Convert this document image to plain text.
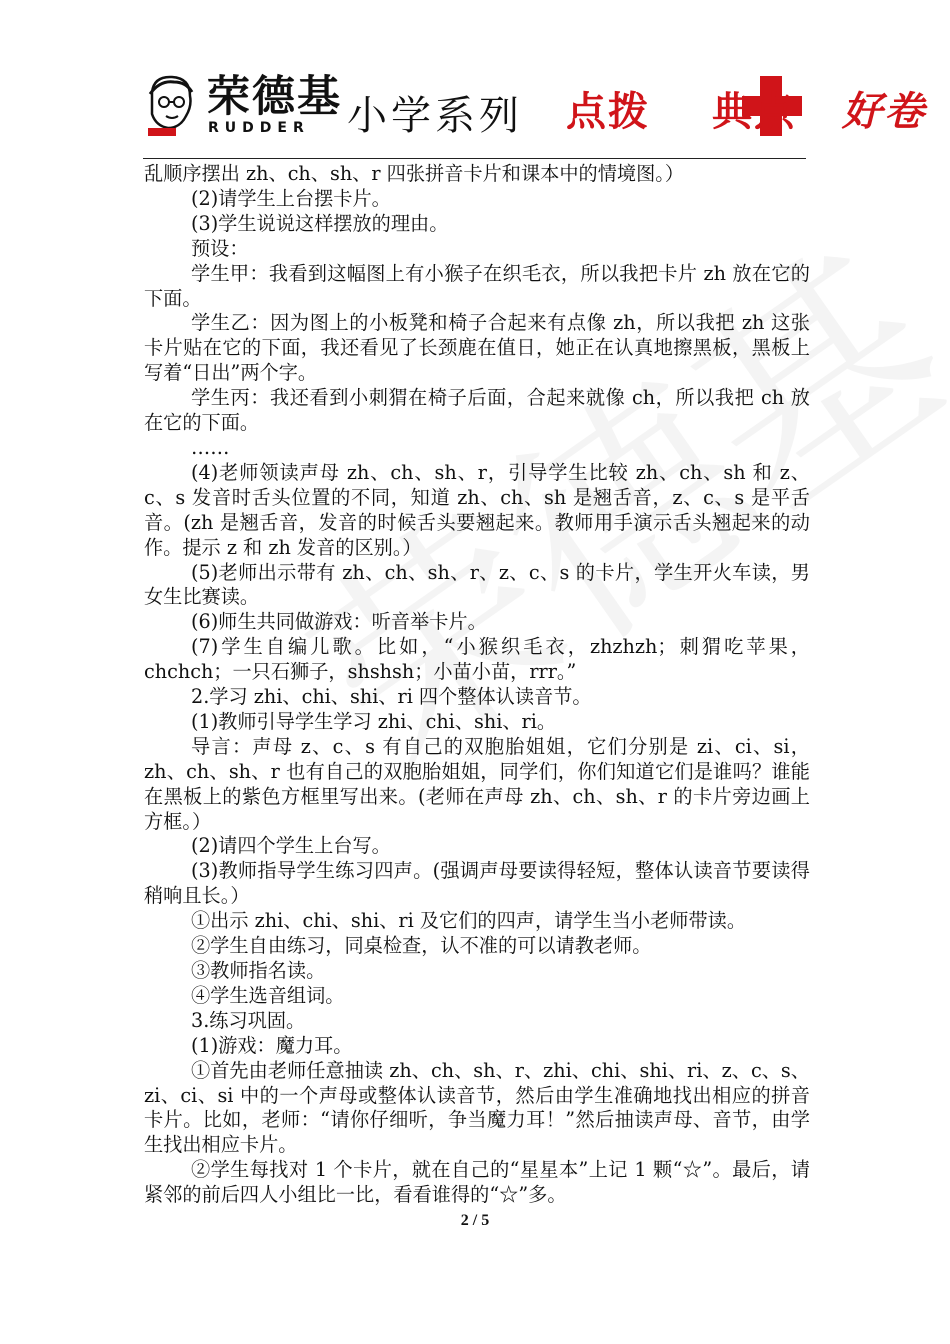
荣德基
RUDDER 小学系列 点拨 典点 好卷

乱顺序摆出 zh、ch、sh、r 四张拼音卡片和课本中的情境图。）

(2)请学生上台摆卡片。

(3)学生说说这样摆放的理由。

预设：

学生甲：我看到这幅图上有小猴子在织毛衣，所以我把卡片 zh 放在它的下面。

学生乙：因为图上的小板凳和椅子合起来有点像 zh，所以我把 zh 这张卡片贴在它的下面，我还看见了长颈鹿在值日，她正在认真地擦黑板，黑板上写着“日出”两个字。

学生丙：我还看到小刺猬在椅子后面，合起来就像 ch，所以我把 ch 放在它的下面。

……

(4)老师领读声母 zh、ch、sh、r，引导学生比较 zh、ch、sh 和 z、c、s 发音时舌头位置的不同，知道 zh、ch、sh 是翘舌音，z、c、s 是平舌音。(zh 是翘舌音，发音的时候舌头要翘起来。教师用手演示舌头翘起来的动作。提示 z 和 zh 发音的区别。）

(5)老师出示带有 zh、ch、sh、r、z、c、s 的卡片，学生开火车读，男女生比赛读。

(6)师生共同做游戏：听音举卡片。

(7)学生自编儿歌。比如，“小猴织毛衣，zhzhzh；刺猬吃苹果，chchch；一只石狮子，shshsh；小苗小苗，rrr。”

2.学习 zhi、chi、shi、ri 四个整体认读音节。

(1)教师引导学生学习 zhi、chi、shi、ri。

导言：声母 z、c、s 有自己的双胞胎姐姐，它们分别是 zi、ci、si，zh、ch、sh、r 也有自己的双胞胎姐姐，同学们，你们知道它们是谁吗？谁能在黑板上的紫色方框里写出来。(老师在声母 zh、ch、sh、r 的卡片旁边画上方框。）

(2)请四个学生上台写。

(3)教师指导学生练习四声。(强调声母要读得轻短，整体认读音节要读得稍响且长。）

①出示 zhi、chi、shi、ri 及它们的四声，请学生当小老师带读。

②学生自由练习，同桌检查，认不准的可以请教老师。

③教师指名读。

④学生选音组词。

3.练习巩固。

(1)游戏：魔力耳。

①首先由老师任意抽读 zh、ch、sh、r、zhi、chi、shi、ri、z、c、s、zi、ci、si 中的一个声母或整体认读音节，然后由学生准确地找出相应的拼音卡片。比如，老师：“请你仔细听，争当魔力耳！”然后抽读声母、音节，由学生找出相应卡片。

②学生每找对 1 个卡片，就在自己的“星星本”上记 1 颗“☆”。最后，请紧邻的前后四人小组比一比，看看谁得的“☆”多。

2 / 5
